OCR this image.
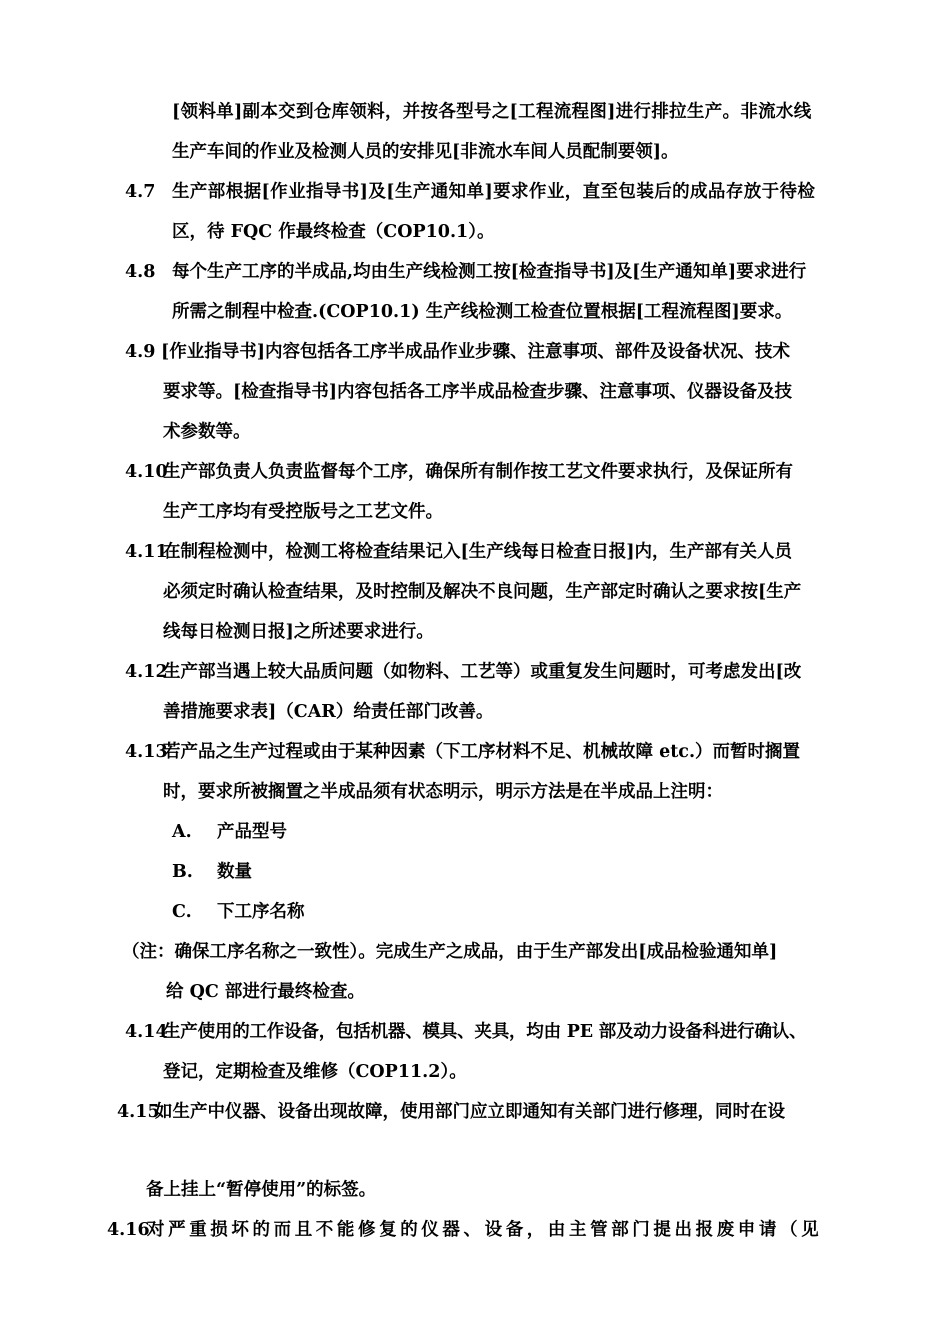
[领料单]副本交到仓库领料，并按各型号之[工程流程图]进行排拉生产。非流水线
生产车间的作业及检测人员的安排见[非流水车间人员配制要领]。
4.7 生产部根据[作业指导书]及[生产通知单]要求作业，直至包装后的成品存放于待检
区，待 FQC 作最终检查（COP10.1）。
4.8 每个生产工序的半成品,均由生产线检测工按[检查指导书]及[生产通知单]要求进行
所需之制程中检查.(COP10.1) 生产线检测工检查位置根据[工程流程图]要求。
4.9 [作业指导书]内容包括各工序半成品作业步骤、注意事项、部件及设备状况、技术
要求等。[检查指导书]内容包括各工序半成品检查步骤、注意事项、仪器设备及技
术参数等。
4.10生产部负责人负责监督每个工序，确保所有制作按工艺文件要求执行，及保证所有
生产工序均有受控版号之工艺文件。
4.11在制程检测中，检测工将检查结果记入[生产线每日检查日报]内，生产部有关人员
必须定时确认检查结果，及时控制及解决不良问题，生产部定时确认之要求按[生产
线每日检测日报]之所述要求进行。
4.12生产部当遇上较大品质问题（如物料、工艺等）或重复发生问题时，可考虑发出[改
善措施要求表]（CAR）给责任部门改善。
4.13若产品之生产过程或由于某种因素（下工序材料不足、机械故障 etc.）而暂时搁置
时，要求所被搁置之半成品须有状态明示，明示方法是在半成品上注明：
A. 产品型号
B. 数量
C. 下工序名称
（注：确保工序名称之一致性）。完成生产之成品，由于生产部发出[成品检验通知单]
给 QC 部进行最终检查。
4.14生产使用的工作设备，包括机器、模具、夹具，均由 PE 部及动力设备科进行确认、
登记，定期检查及维修（COP11.2）。
4.15如生产中仪器、设备出现故障，使用部门应立即通知有关部门进行修理，同时在设
备上挂上“暂停使用”的标签。
4.16对严重损坏的而且不能修复的仪器、设备，由主管部门提出报废申请（见
